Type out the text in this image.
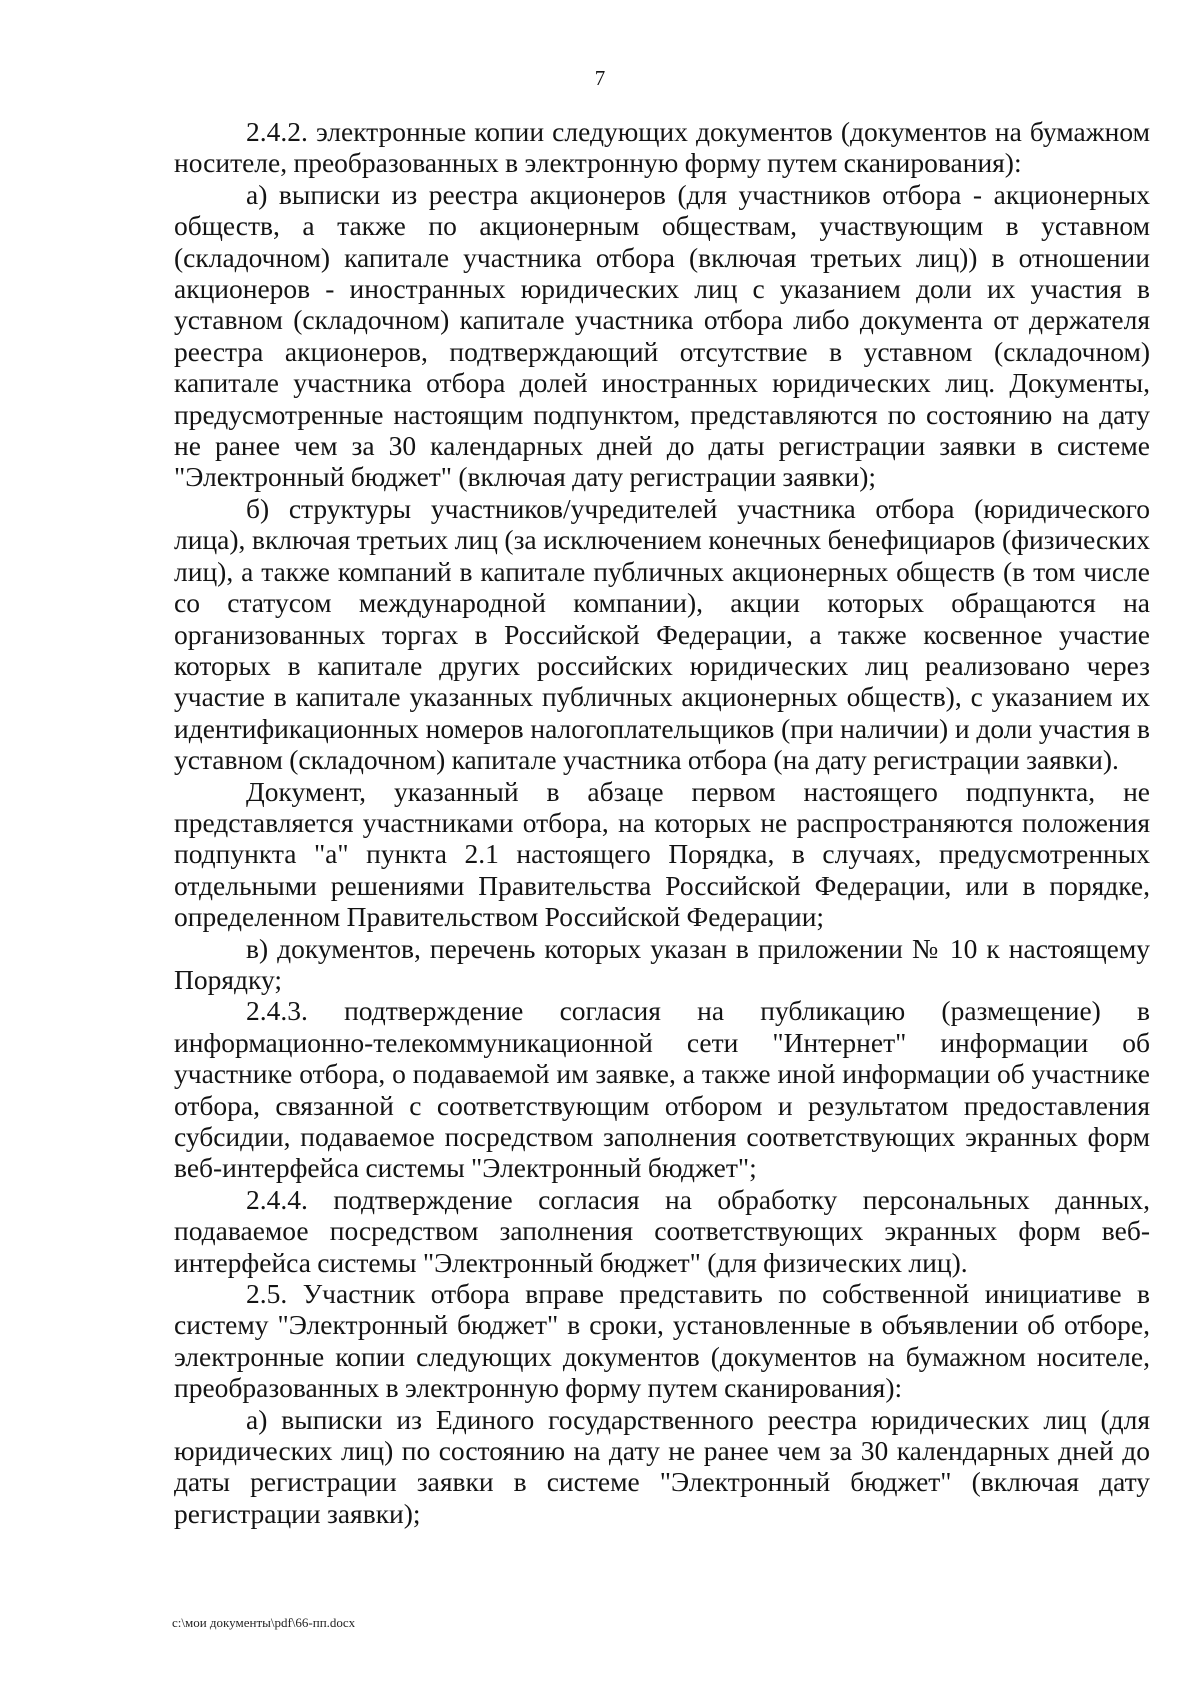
7

2.4.2. электронные копии следующих документов (документов на бумажном носителе, преобразованных в электронную форму путем сканирования):

а) выписки из реестра акционеров (для участников отбора - акционерных обществ, а также по акционерным обществам, участвующим в уставном (складочном) капитале участника отбора (включая третьих лиц)) в отношении акционеров - иностранных юридических лиц с указанием доли их участия в уставном (складочном) капитале участника отбора либо документа от держателя реестра акционеров, подтверждающий отсутствие в уставном (складочном) капитале участника отбора долей иностранных юридических лиц. Документы, предусмотренные настоящим подпунктом, представляются по состоянию на дату не ранее чем за 30 календарных дней до даты регистрации заявки в системе "Электронный бюджет" (включая дату регистрации заявки);

б) структуры участников/учредителей участника отбора (юридического лица), включая третьих лиц (за исключением конечных бенефициаров (физических лиц), а также компаний в капитале публичных акционерных обществ (в том числе со статусом международной компании), акции которых обращаются на организованных торгах в Российской Федерации, а также косвенное участие которых в капитале других российских юридических лиц реализовано через участие в капитале указанных публичных акционерных обществ), с указанием их идентификационных номеров налогоплательщиков (при наличии) и доли участия в уставном (складочном) капитале участника отбора (на дату регистрации заявки).

Документ, указанный в абзаце первом настоящего подпункта, не представляется участниками отбора, на которых не распространяются положения подпункта "а" пункта 2.1 настоящего Порядка, в случаях, предусмотренных отдельными решениями Правительства Российской Федерации, или в порядке, определенном Правительством Российской Федерации;

в) документов, перечень которых указан в приложении № 10 к настоящему Порядку;

2.4.3. подтверждение согласия на публикацию (размещение) в информационно-телекоммуникационной сети "Интернет" информации об участнике отбора, о подаваемой им заявке, а также иной информации об участнике отбора, связанной с соответствующим отбором и результатом предоставления субсидии, подаваемое посредством заполнения соответствующих экранных форм веб-интерфейса системы "Электронный бюджет";

2.4.4. подтверждение согласия на обработку персональных данных, подаваемое посредством заполнения соответствующих экранных форм веб-интерфейса системы "Электронный бюджет" (для физических лиц).

2.5. Участник отбора вправе представить по собственной инициативе в систему "Электронный бюджет" в сроки, установленные в объявлении об отборе, электронные копии следующих документов (документов на бумажном носителе, преобразованных в электронную форму путем сканирования):

а) выписки из Единого государственного реестра юридических лиц (для юридических лиц) по состоянию на дату не ранее чем за 30 календарных дней до даты регистрации заявки в системе "Электронный бюджет" (включая дату регистрации заявки);

c:\мои документы\pdf\66-пп.docx
